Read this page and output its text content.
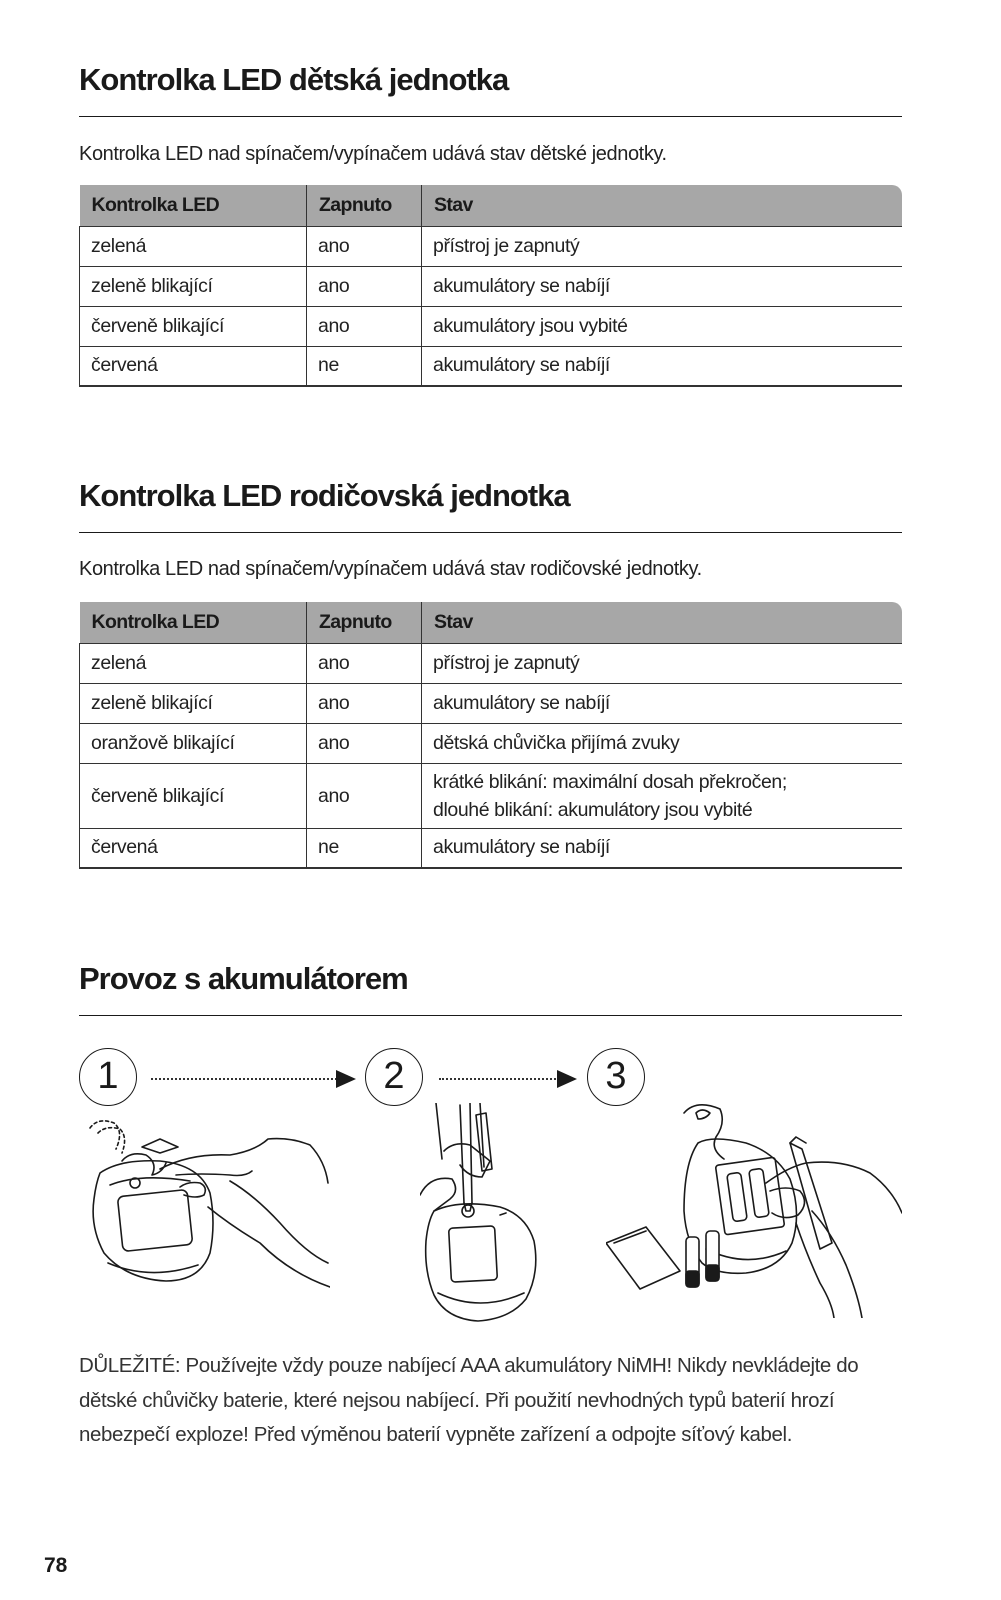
Kontrolka LED dětská jednotka

Kontrolka LED nad spínačem/vypínačem udává stav dětské jednotky.

Kontrolka LED	Zapnuto	Stav
zelená	ano	přístroj je zapnutý
zeleně blikající	ano	akumulátory se nabíjí
červeně blikající	ano	akumulátory jsou vybité
červená	ne	akumulátory se nabíjí
Kontrolka LED rodičovská jednotka

Kontrolka LED nad spínačem/vypínačem udává stav rodičovské jednotky.

Kontrolka LED	Zapnuto	Stav
zelená	ano	přístroj je zapnutý
zeleně blikající	ano	akumulátory se nabíjí
oranžově blikající	ano	dětská chůvička přijímá zvuky
červeně blikající	ano	krátké blikání: maximální dosah překročen;
dlouhé blikání: akumulátory jsou vybité

červená	ne	akumulátory se nabíjí
Provoz s akumulátorem
1	2	3

DŮLEŽITÉ: Používejte vždy pouze nabíjecí AAA akumulátory NiMH! Nikdy nevkládejte do dětské chůvičky baterie, které nejsou nabíjecí. Při použití nevhodných typů baterií hrozí nebezpečí exploze! Před výměnou baterií vypněte zařízení a odpojte síťový kabel.

78
